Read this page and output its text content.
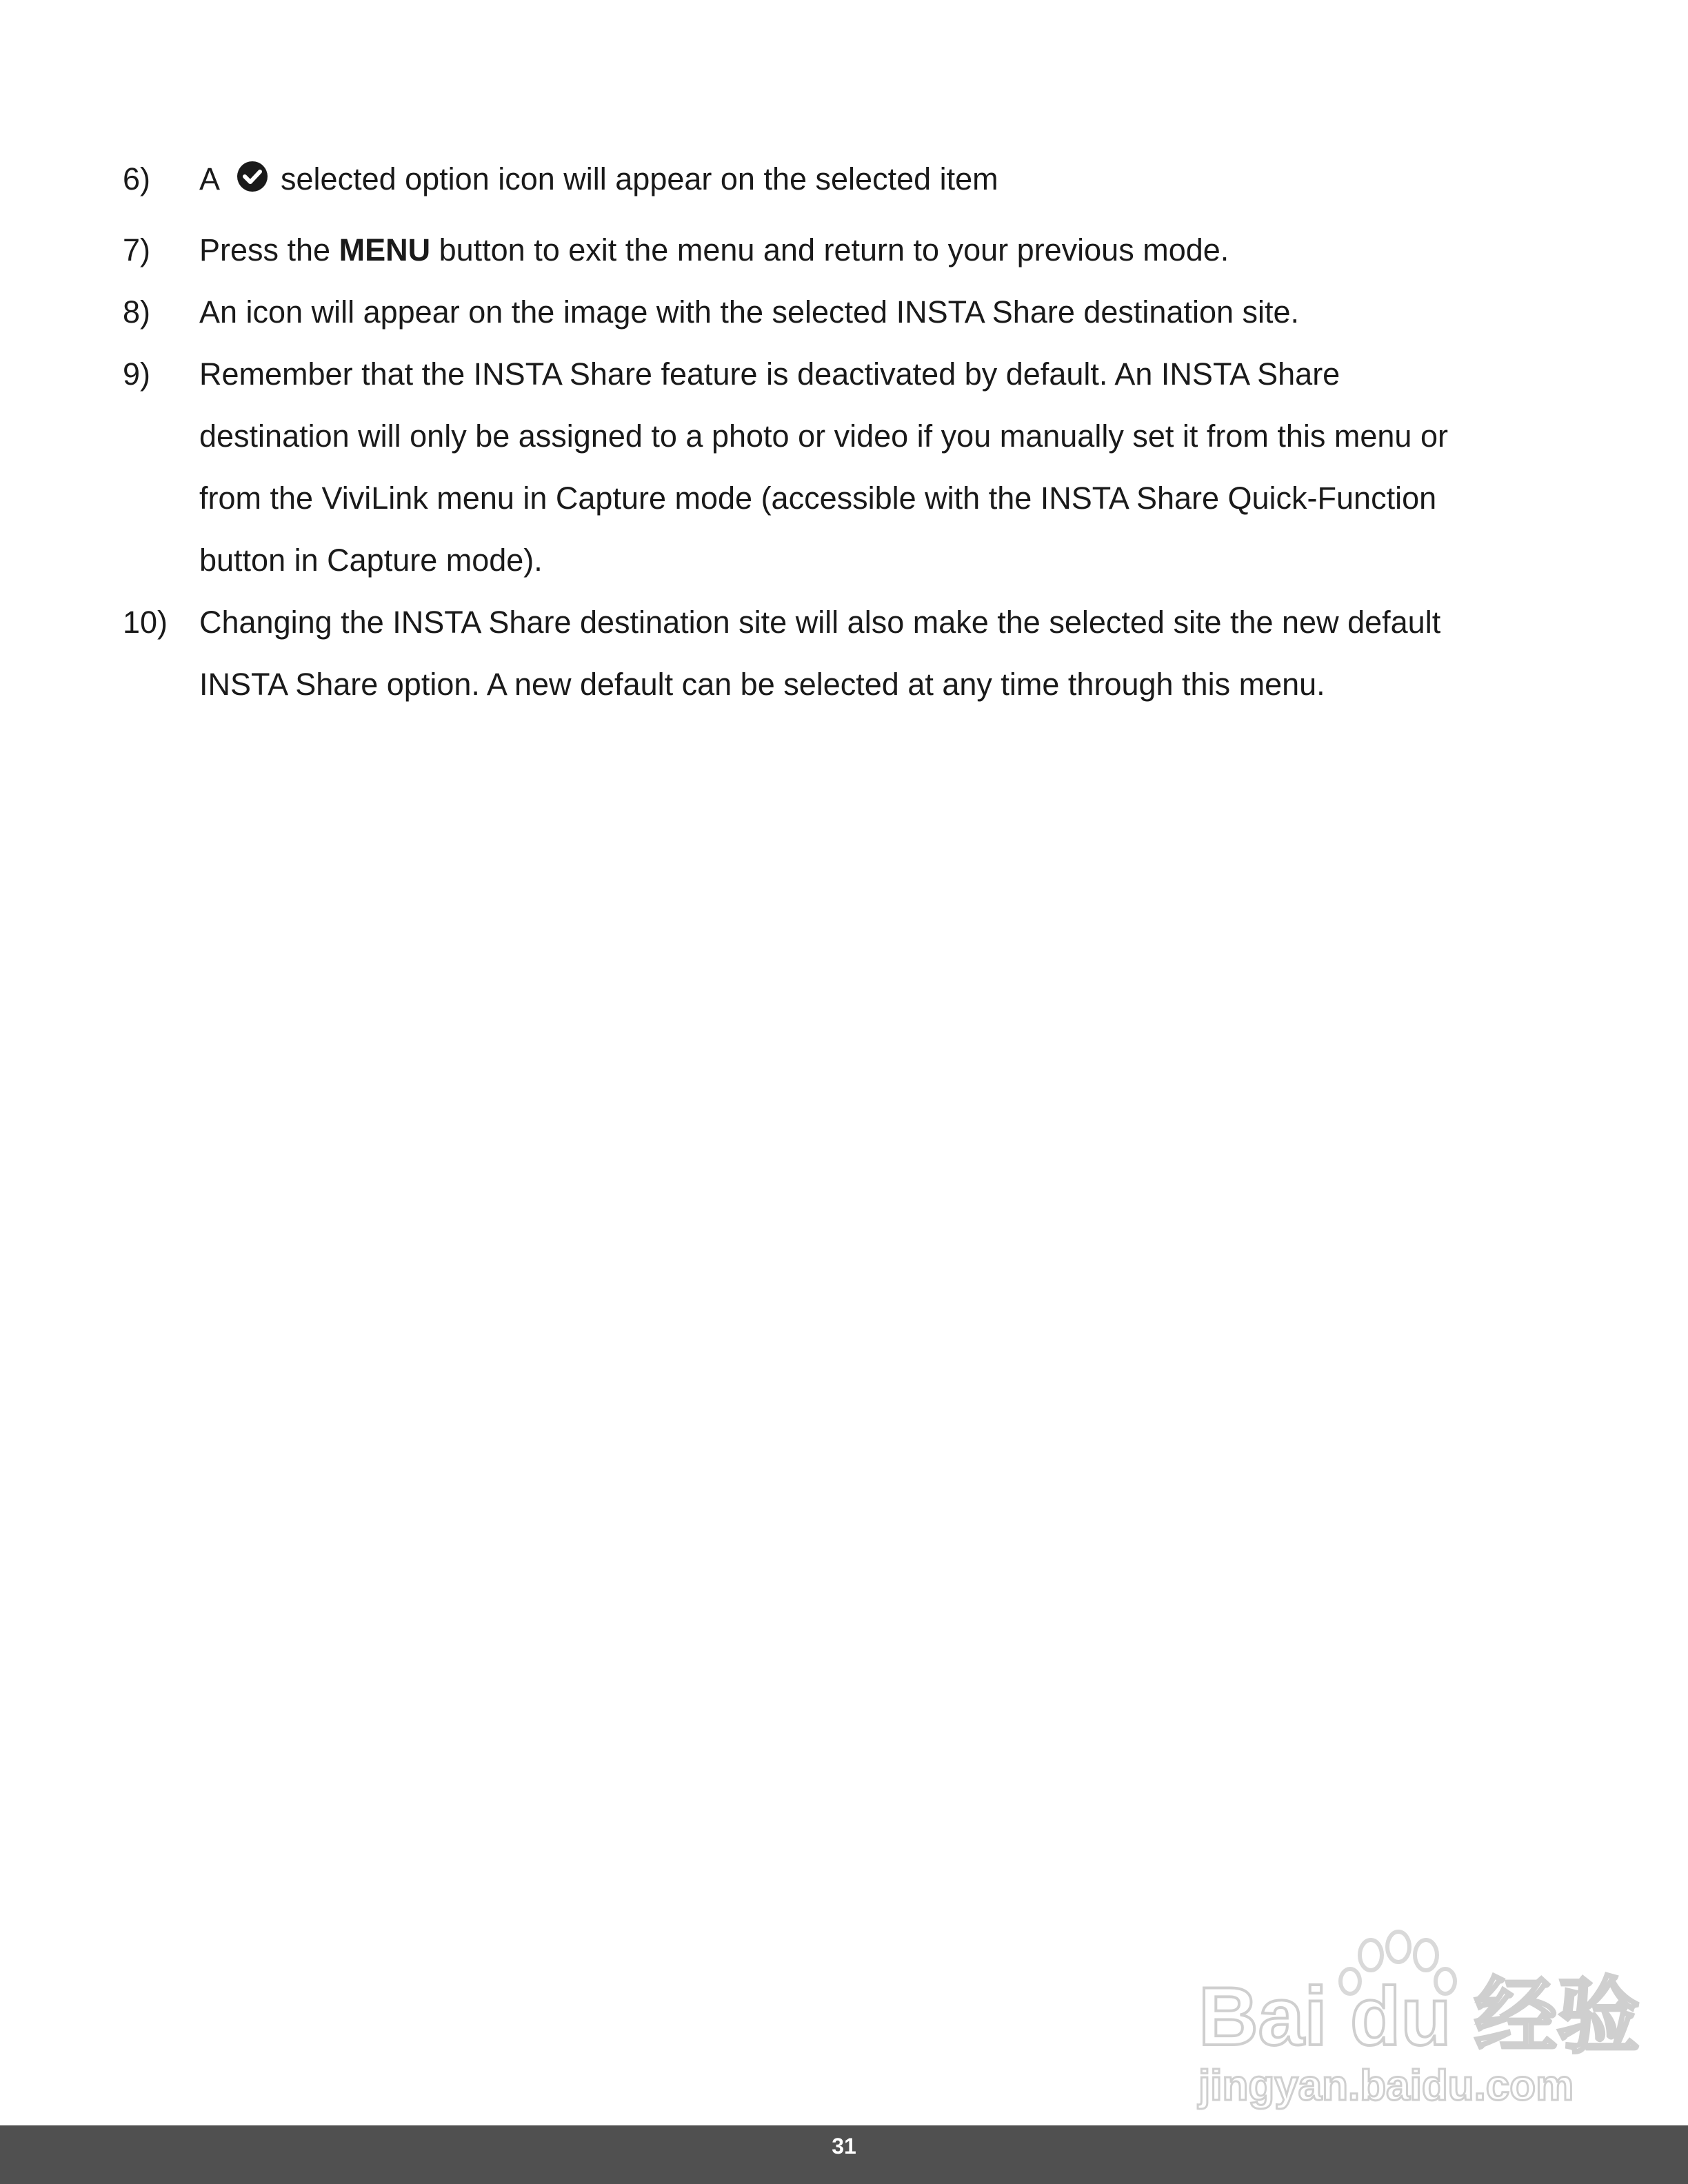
6) A selected option icon will appear on the selected item
7) Press the MENU button to exit the menu and return to your previous mode.
8) An icon will appear on the image with the selected INSTA Share destination site.
9) Remember that the INSTA Share feature is deactivated by default. An INSTA Share
destination will only be assigned to a photo or video if you manually set it from this menu or
from the ViviLink menu in Capture mode (accessible with the INSTA Share Quick-Function
button in Capture mode).
10) Changing the INSTA Share destination site will also make the selected site the new default
INSTA Share option. A new default can be selected at any time through this menu.
Bai du 经验
jingyan.baidu.com
31
